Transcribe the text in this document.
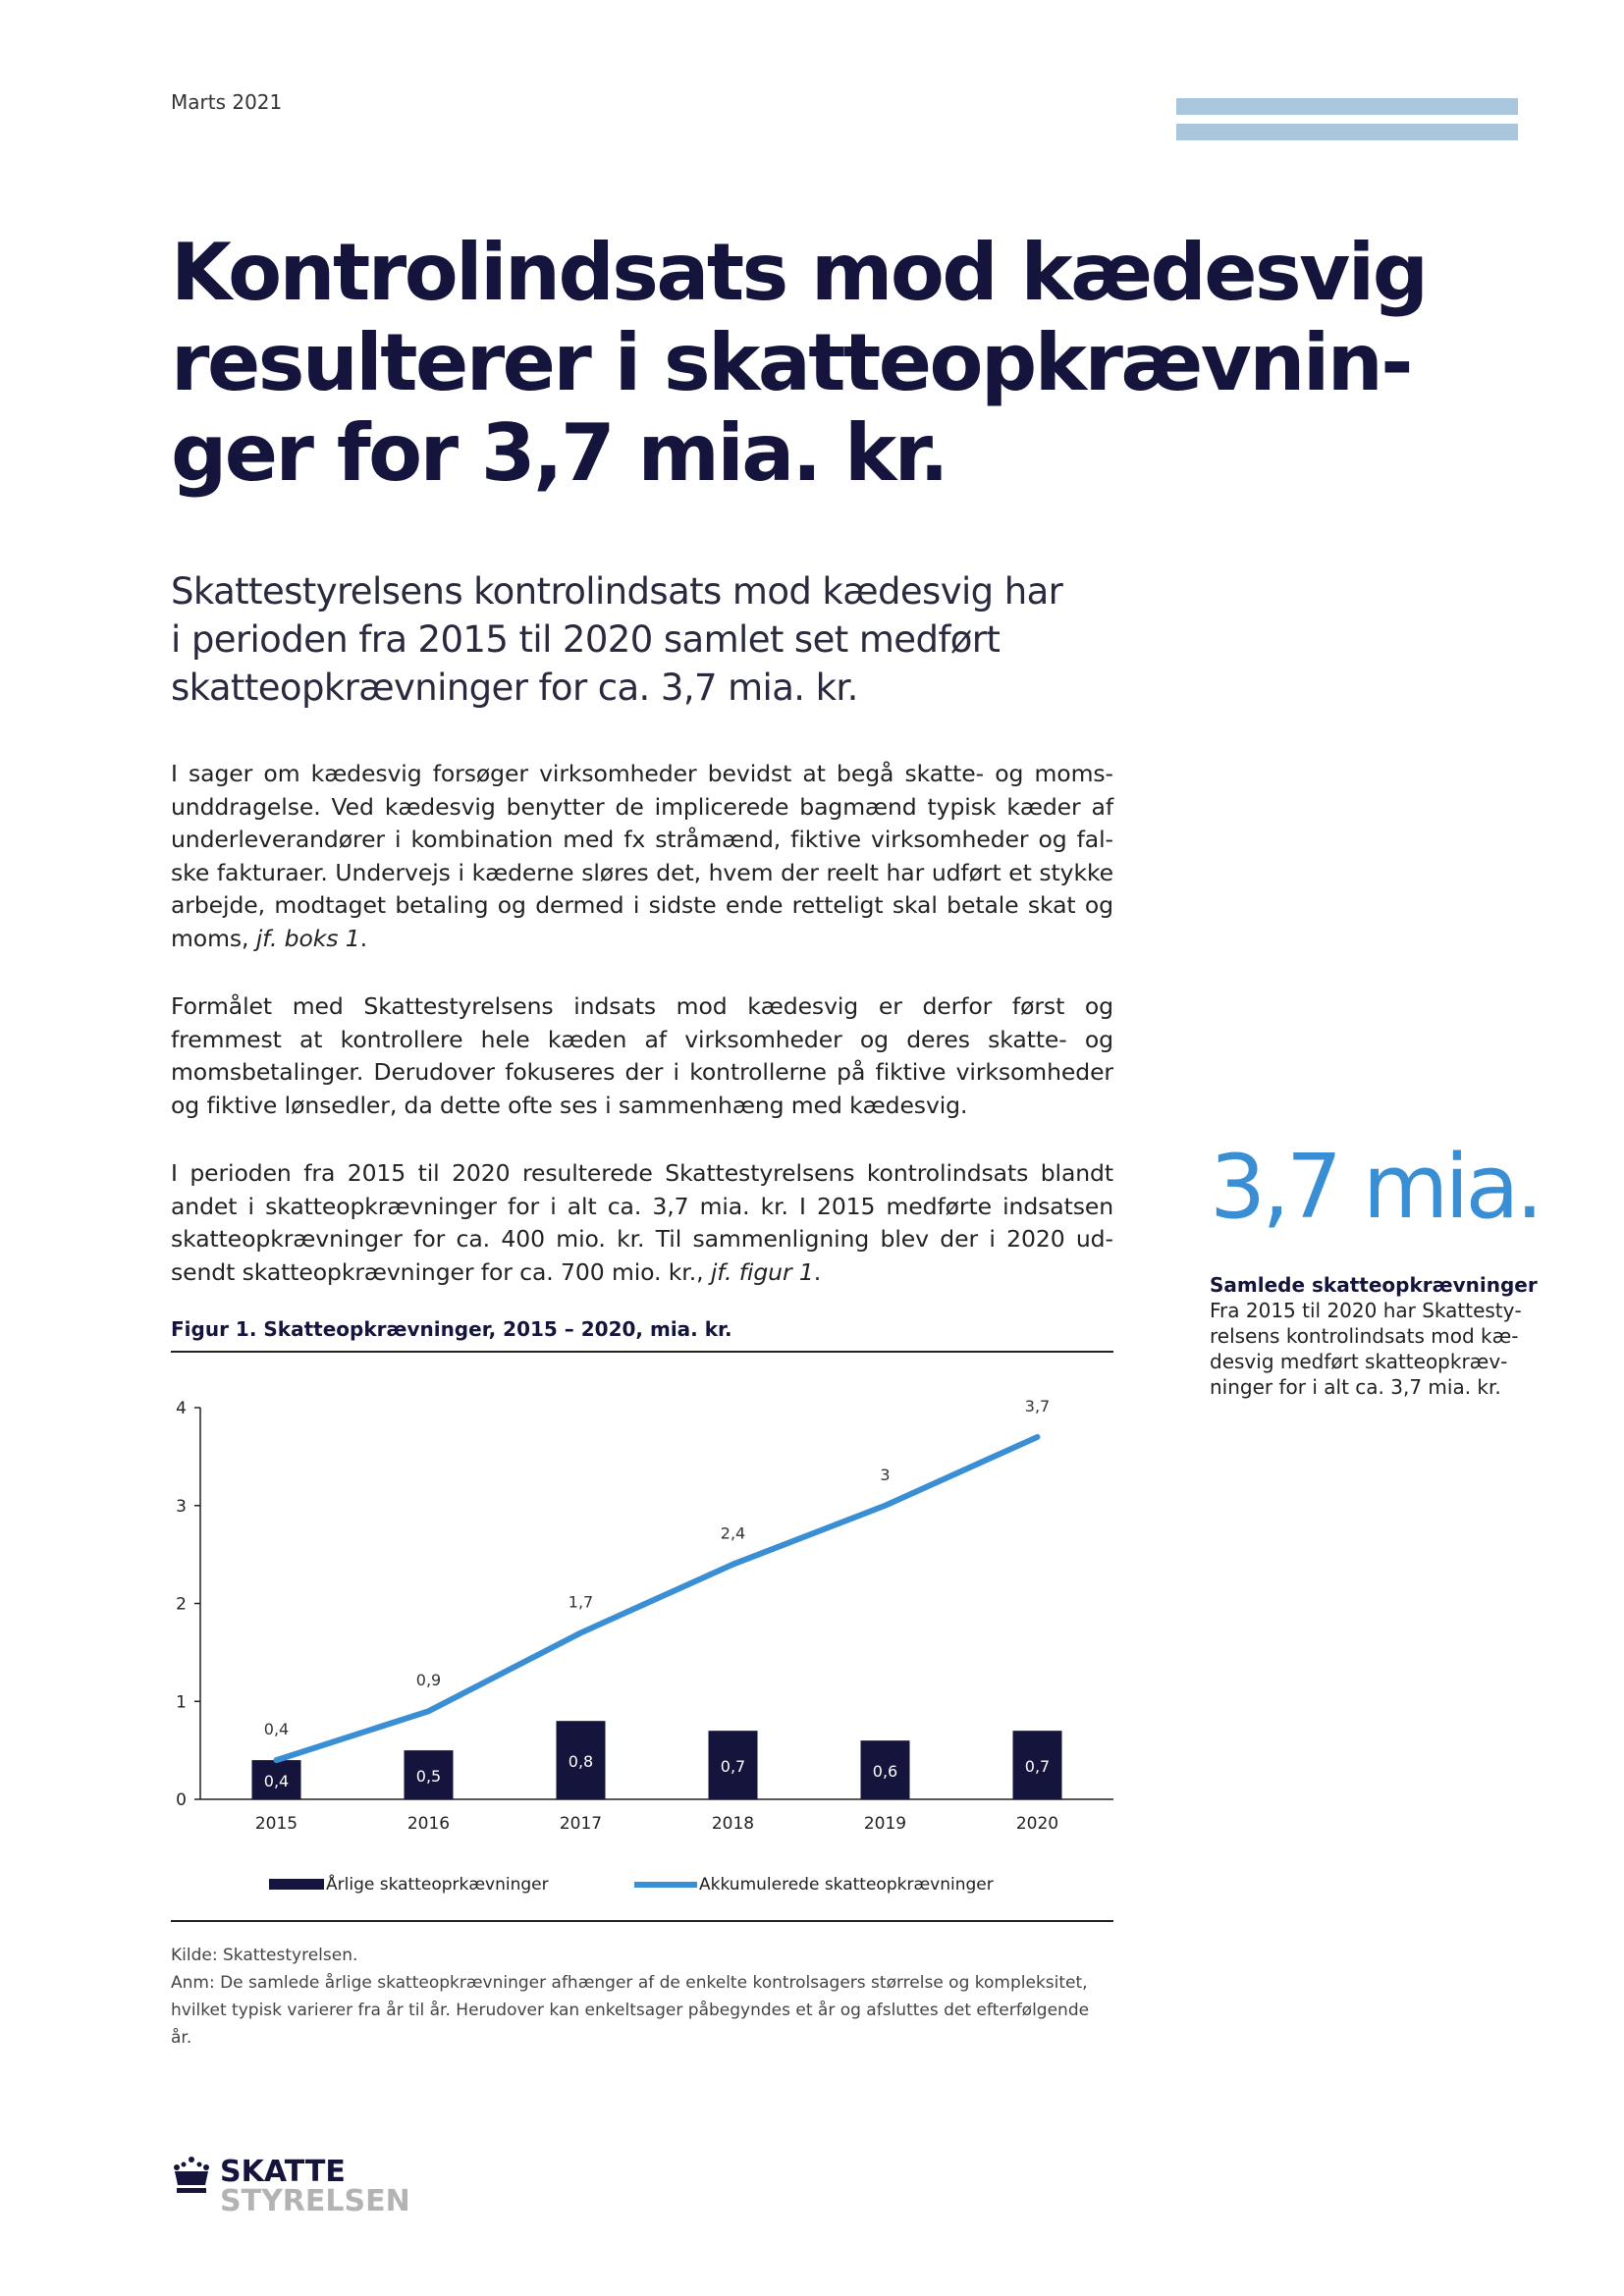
Marts 2021
Kontrolindsats mod kædesvig
resulterer i skatteopkrævnin-
ger for 3,7 mia. kr.
Skattestyrelsens kontrolindsats mod kædesvig har
i perioden fra 2015 til 2020 samlet set medført
skatteopkrævninger for ca. 3,7 mia. kr.

I sager om kædesvig forsøger virksomheder bevidst at begå skatte- og momsunddragelse. Ved kædesvig benytter de implicerede bagmænd typisk kæder af underleverandører i kombination med fx stråmænd, fiktive virksomheder og falske fakturaer. Undervejs i kæderne sløres det, hvem der reelt har udført et stykke arbejde, modtaget betaling og dermed i sidste ende retteligt skal betale skat og moms, jf. boks 1.

Formålet med Skattestyrelsens indsats mod kædesvig er derfor først og fremmest at kontrollere hele kæden af virksomheder og deres skatte- og momsbetalinger. Derudover fokuseres der i kontrollerne på fiktive virksomheder og fiktive lønsedler, da dette ofte ses i sammenhæng med kædesvig.

I perioden fra 2015 til 2020 resulterede Skattestyrelsens kontrolindsats blandt andet i skatteopkrævninger for i alt ca. 3,7 mia. kr. I 2015 medførte indsatsen skatteopkrævninger for ca. 400 mio. kr. Til sammenligning blev der i 2020 udsendt skatteopkrævninger for ca. 700 mio. kr., jf. figur 1.

3,7 mia.
Samlede skatteopkrævninger

Fra 2015 til 2020 har Skattestyrelsens kontrolindsats mod kædesvig medført skatteopkrævninger for i alt ca. 3,7 mia. kr.

Figur 1. Skatteopkrævninger, 2015 – 2020, mia. kr.
0
1
2
3
4
2015	2016	2017	2018	2019	2020
0,4	0,5
0,8	0,7	0,6	0,7
0,4
0,9
1,7
2,4
3
3,7
Årlige skatteoprkævninger	Akkumulerede skatteopkrævninger
Kilde: Skattestyrelsen.
Anm: De samlede årlige skatteopkrævninger afhænger af de enkelte kontrolsagers størrelse og kompleksitet,
hvilket typisk varierer fra år til år. Herudover kan enkeltsager påbegyndes et år og afsluttes det efterfølgende år.
SKATTE
STYRELSEN
